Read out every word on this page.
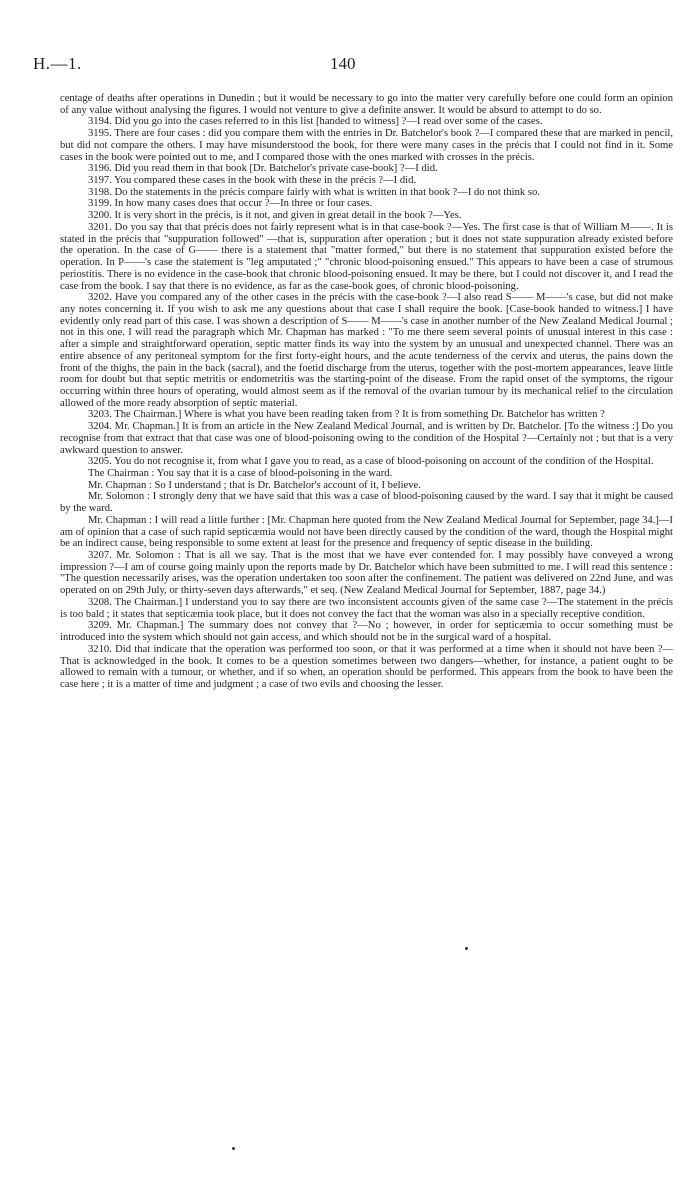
H.—1.	140

centage of deaths after operations in Dunedin ; but it would be necessary to go into the matter very carefully before one could form an opinion of any value without analysing the figures. I would not venture to give a definite answer. It would be absurd to attempt to do so.

3194. Did you go into the cases referred to in this list [handed to witness] ?—I read over some of the cases.

3195. There are four cases : did you compare them with the entries in Dr. Batchelor's book ?—I compared these that are marked in pencil, but did not compare the others. I may have misunderstood the book, for there were many cases in the précis that I could not find in it. Some cases in the book were pointed out to me, and I compared those with the ones marked with crosses in the précis.

3196. Did you read them in that book [Dr. Batchelor's private case-book] ?—I did.

3197. You compared these cases in the book with these in the précis ?—I did.

3198. Do the statements in the précis compare fairly with what is written in that book ?—I do not think so.

3199. In how many cases does that occur ?—In three or four cases.

3200. It is very short in the précis, is it not, and given in great detail in the book ?—Yes.

3201. Do you say that that précis does not fairly represent what is in that case-book ?—Yes. The first case is that of William M——. It is stated in the précis that "suppuration followed" —that is, suppuration after operation ; but it does not state suppuration already existed before the operation. In the case of G—— there is a statement that "matter formed," but there is no statement that suppuration existed before the operation. In P——'s case the statement is "leg amputated ;" "chronic blood-poisoning ensued." This appears to have been a case of strumous periostitis. There is no evidence in the case-book that chronic blood-poisoning ensued. It may be there, but I could not discover it, and I read the case from the book. I say that there is no evidence, as far as the case-book goes, of chronic blood-poisoning.

3202. Have you compared any of the other cases in the précis with the case-book ?—I also read S—— M——'s case, but did not make any notes concerning it. If you wish to ask me any questions about that case I shall require the book. [Case-book handed to witness.] I have evidently only read part of this case. I was shown a description of S—— M——'s case in another number of the New Zealand Medical Journal ; not in this one. I will read the paragraph which Mr. Chapman has marked : "To me there seem several points of unusual interest in this case : after a simple and straightforward operation, septic matter finds its way into the system by an unusual and unexpected channel. There was an entire absence of any peritoneal symptom for the first forty-eight hours, and the acute tenderness of the cervix and uterus, the pains down the front of the thighs, the pain in the back (sacral), and the foetid discharge from the uterus, together with the post-mortem appearances, leave little room for doubt but that septic metritis or endometritis was the starting-point of the disease. From the rapid onset of the symptoms, the rigour occurring within three hours of operating, would almost seem as if the removal of the ovarian tumour by its mechanical relief to the circulation allowed of the more ready absorption of septic material.

3203. The Chairman.] Where is what you have been reading taken from ? It is from something Dr. Batchelor has written ?

3204. Mr. Chapman.] It is from an article in the New Zealand Medical Journal, and is written by Dr. Batchelor. [To the witness :] Do you recognise from that extract that that case was one of blood-poisoning owing to the condition of the Hospital ?—Certainly not ; but that is a very awkward question to answer.

3205. You do not recognise it, from what I gave you to read, as a case of blood-poisoning on account of the condition of the Hospital.

The Chairman : You say that it is a case of blood-poisoning in the ward.

Mr. Chapman : So I understand ; that is Dr. Batchelor's account of it, I believe.

Mr. Solomon : I strongly deny that we have said that this was a case of blood-poisoning caused by the ward. I say that it might be caused by the ward.

Mr. Chapman : I will read a little further : [Mr. Chapman here quoted from the New Zealand Medical Journal for September, page 34.]—I am of opinion that a case of such rapid septicæmia would not have been directly caused by the condition of the ward, though the Hospital might be an indirect cause, being responsible to some extent at least for the presence and frequency of septic disease in the building.

3207. Mr. Solomon : That is all we say. That is the most that we have ever contended for. I may possibly have conveyed a wrong impression ?—I am of course going mainly upon the reports made by Dr. Batchelor which have been submitted to me. I will read this sentence : "The question necessarily arises, was the operation undertaken too soon after the confinement. The patient was delivered on 22nd June, and was operated on on 29th July, or thirty-seven days afterwards," et seq. (New Zealand Medical Journal for September, 1887, page 34.)

3208. The Chairman.] I understand you to say there are two inconsistent accounts given of the same case ?—The statement in the précis is too bald ; it states that septicæmia took place, but it does not convey the fact that the woman was also in a specially receptive condition.

3209. Mr. Chapman.] The summary does not convey that ?—No ; however, in order for septicæmia to occur something must be introduced into the system which should not gain access, and which should not be in the surgical ward of a hospital.

3210. Did that indicate that the operation was performed too soon, or that it was performed at a time when it should not have been ?—That is acknowledged in the book. It comes to be a question sometimes between two dangers—whether, for instance, a patient ought to be allowed to remain with a tumour, or whether, and if so when, an operation should be performed. This appears from the book to have been the case here ; it is a matter of time and judgment ; a case of two evils and choosing the lesser.
